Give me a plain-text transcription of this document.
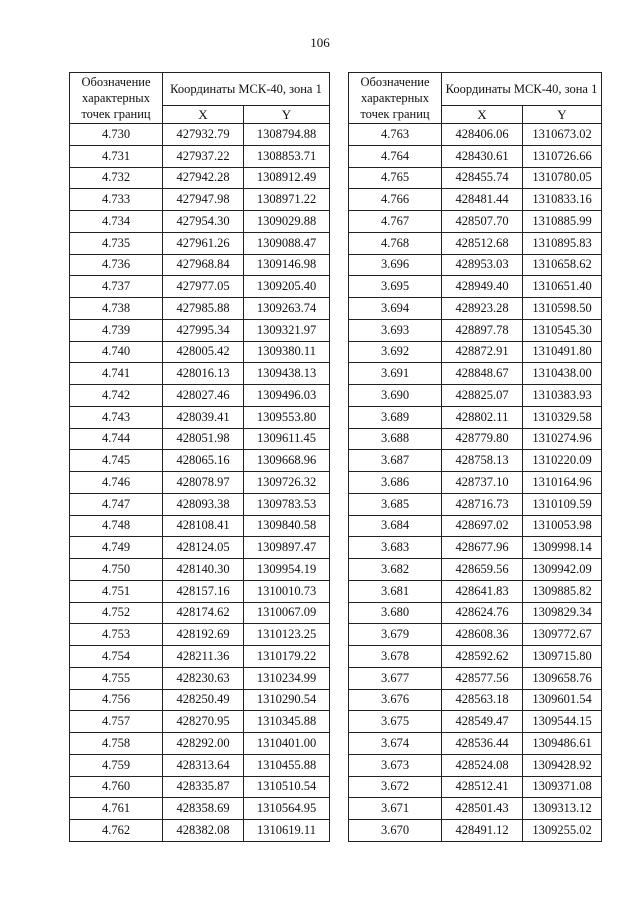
106
Обозначение характерных точек границ	Координаты МСК-40, зона 1	
	X	Y
4.730	427932.79	1308794.88
4.731	427937.22	1308853.71
4.732	427942.28	1308912.49
4.733	427947.98	1308971.22
4.734	427954.30	1309029.88
4.735	427961.26	1309088.47
4.736	427968.84	1309146.98
4.737	427977.05	1309205.40
4.738	427985.88	1309263.74
4.739	427995.34	1309321.97
4.740	428005.42	1309380.11
4.741	428016.13	1309438.13
4.742	428027.46	1309496.03
4.743	428039.41	1309553.80
4.744	428051.98	1309611.45
4.745	428065.16	1309668.96
4.746	428078.97	1309726.32
4.747	428093.38	1309783.53
4.748	428108.41	1309840.58
4.749	428124.05	1309897.47
4.750	428140.30	1309954.19
4.751	428157.16	1310010.73
4.752	428174.62	1310067.09
4.753	428192.69	1310123.25
4.754	428211.36	1310179.22
4.755	428230.63	1310234.99
4.756	428250.49	1310290.54
4.757	428270.95	1310345.88
4.758	428292.00	1310401.00
4.759	428313.64	1310455.88
4.760	428335.87	1310510.54
4.761	428358.69	1310564.95
4.762	428382.08	1310619.11
Обозначение характерных точек границ	Координаты МСК-40, зона 1	
	X	Y
4.763	428406.06	1310673.02
4.764	428430.61	1310726.66
4.765	428455.74	1310780.05
4.766	428481.44	1310833.16
4.767	428507.70	1310885.99
4.768	428512.68	1310895.83
3.696	428953.03	1310658.62
3.695	428949.40	1310651.40
3.694	428923.28	1310598.50
3.693	428897.78	1310545.30
3.692	428872.91	1310491.80
3.691	428848.67	1310438.00
3.690	428825.07	1310383.93
3.689	428802.11	1310329.58
3.688	428779.80	1310274.96
3.687	428758.13	1310220.09
3.686	428737.10	1310164.96
3.685	428716.73	1310109.59
3.684	428697.02	1310053.98
3.683	428677.96	1309998.14
3.682	428659.56	1309942.09
3.681	428641.83	1309885.82
3.680	428624.76	1309829.34
3.679	428608.36	1309772.67
3.678	428592.62	1309715.80
3.677	428577.56	1309658.76
3.676	428563.18	1309601.54
3.675	428549.47	1309544.15
3.674	428536.44	1309486.61
3.673	428524.08	1309428.92
3.672	428512.41	1309371.08
3.671	428501.43	1309313.12
3.670	428491.12	1309255.02
